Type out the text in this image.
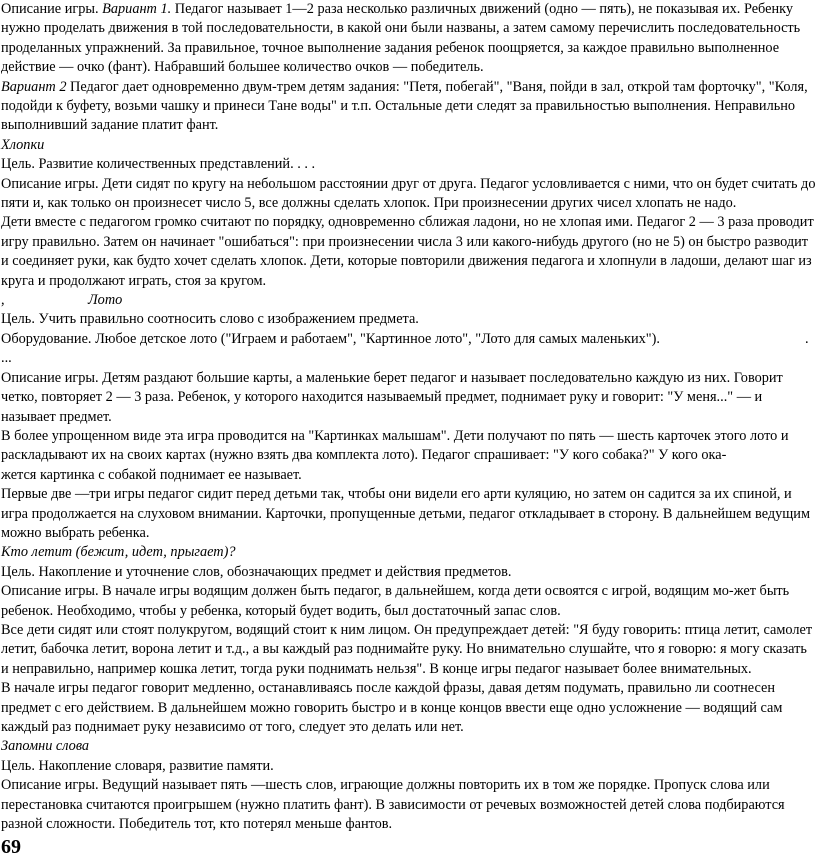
Описание игры. Вариант 1. Педагог называет 1—2 раза несколько различных движений (одно — пять), не показывая их. Ребенку нужно проделать движения в той последовательности, в какой они были названы, а затем самому перечислить последовательность проделанных упражнений. За правильное, точное выполнение задания ребенок поощряется, за каждое правильно выполненное действие — очко (фант). Набравший большее количество очков — победитель.

Вариант 2 Педагог дает одновременно двум-трем детям задания: "Петя, побегай", "Ваня, пойди в зал, открой там форточку", "Коля, подойди к буфету, возьми чашку и принеси Тане воды" и т.п. Остальные дети следят за правильностью выполнения. Неправильно выполнивший задание платит фант.

Хлопки

Цель. Развитие количественных представлений. . . .

Описание игры. Дети сидят по кругу на небольшом расстоянии друг от друга. Педагог условливается с ними, что он будет считать до пяти и, как только он произнесет число 5, все должны сделать хлопок. При произнесении других чисел хлопать не надо.

Дети вместе с педагогом громко считают по порядку, одновременно сближая ладони, но не хлопая ими. Педагог 2 — 3 раза проводит игру правильно. Затем он начинает "ошибаться": при произнесении числа 3 или какого-нибудь другого (но не 5) он быстро разводит и соединяет руки, как будто хочет сделать хлопок. Дети, которые повторили движения педагога и хлопнули в ладоши, делают шаг из круга и продолжают играть, стоя за кругом.

,	Лото

Цель. Учить правильно соотносить слово с изображением предмета.

Оборудование. Любое детское лото ("Играем и работаем", "Картинное лото", "Лото для самых маленьких").	.

...

Описание игры. Детям раздают большие карты, а маленькие берет педагог и называет последовательно каждую из них. Говорит четко, повторяет 2 — 3 раза. Ребенок, у которого находится называемый предмет, поднимает руку и говорит: "У меня..." — и называет предмет.

В более упрощенном виде эта игра проводится на "Картинках малышам". Дети получают по пять — шесть карточек этого лото и раскладывают их на своих картах (нужно взять два комплекта лото). Педагог спрашивает: "У кого собака?" У кого ока-

жется картинка с собакой поднимает ее называет.

Первые две —три игры педагог сидит перед детьми так, чтобы они видели его арти куляцию, но затем он садится за их спиной, и игра продолжается на слуховом внимании. Карточки, пропущенные детьми, педагог откладывает в сторону. В дальнейшем ведущим можно выбрать ребенка.

Кто летит (бежит, идет, прыгает)?

Цель. Накопление и уточнение слов, обозначающих предмет и действия предметов.

Описание игры. В начале игры водящим должен быть педагог, в дальнейшем, когда дети освоятся с игрой, водящим мо-жет быть ребенок. Необходимо, чтобы у ребенка, который будет водить, был достаточный запас слов.

Все дети сидят или стоят полукругом, водящий стоит к ним лицом. Он предупреждает детей: "Я буду говорить: птица летит, самолет летит, бабочка летит, ворона летит и т.д., а вы каждый раз поднимайте руку. Но внимательно слушайте, что я говорю: я могу сказать и неправильно, например кошка летит, тогда руки поднимать нельзя". В конце игры педагог называет более внимательных.

В начале игры педагог говорит медленно, останавливаясь после каждой фразы, давая детям подумать, правильно ли соотнесен предмет с его действием. В дальнейшем можно говорить быстро и в конце концов ввести еще одно усложнение — водящий сам каждый раз поднимает руку независимо от того, следует это делать или нет.

Запомни слова

Цель. Накопление словаря, развитие памяти.

Описание игры. Ведущий называет пять —шесть слов, играющие должны повторить их в том же порядке. Пропуск слова или перестановка считаются проигрышем (нужно платить фант). В зависимости от речевых возможностей детей слова подбираются разной сложности. Победитель тот, кто потерял меньше фантов.

69
